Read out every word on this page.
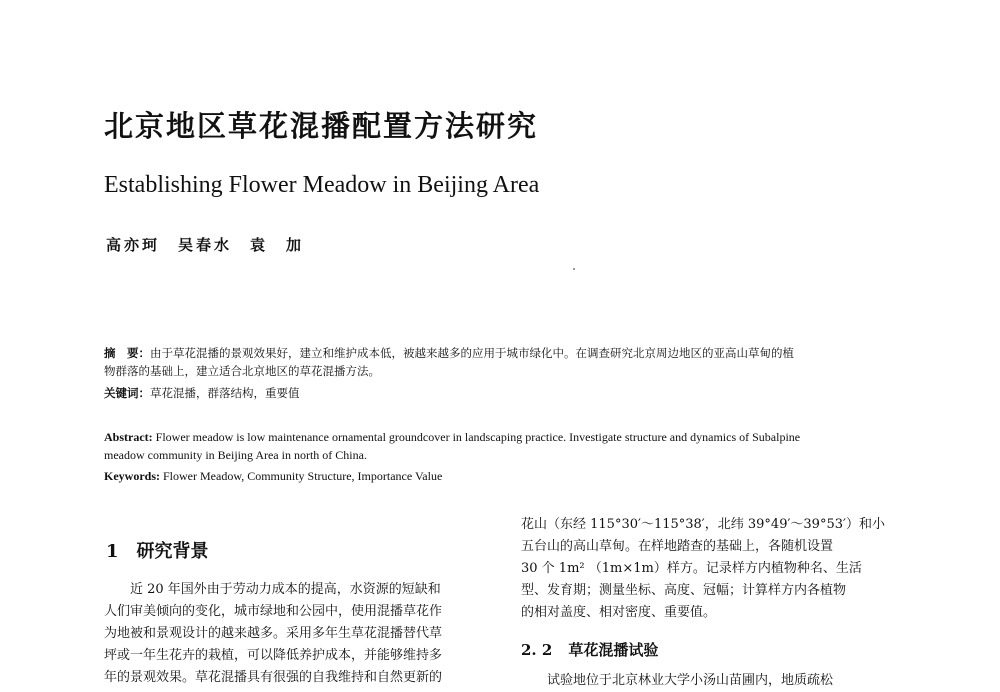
北京地区草花混播配置方法研究
Establishing Flower Meadow in Beijing Area
高亦珂　吴春水　袁　加
摘　要：由于草花混播的景观效果好，建立和维护成本低，被越来越多的应用于城市绿化中。在调查研究北京周边地区的亚高山草甸的植
物群落的基础上，建立适合北京地区的草花混播方法。
关键词：草花混播，群落结构，重要值
Abstract: Flower meadow is low maintenance ornamental groundcover in landscaping practice. Investigate structure and dynamics of Subalpine
meadow community in Beijing Area in north of China.
Keywords: Flower Meadow, Community Structure, Importance Value
1 研究背景
　　近 20 年国外由于劳动力成本的提高，水资源的短缺和
人们审美倾向的变化，城市绿地和公园中，使用混播草花作
为地被和景观设计的越来越多。采用多年生草花混播替代草
坪或一年生花卉的栽植，可以降低养护成本，并能够维持多
年的景观效果。草花混播具有很强的自我维持和自然更新的
花山（东经 115°30′～115°38′，北纬 39°49′～39°53′）和小
五台山的高山草甸。在样地踏查的基础上，各随机设置
30 个 1m² （1m×1m）样方。记录样方内植物种名、生活
型、发育期；测量坐标、高度、冠幅；计算样方内各植物
的相对盖度、相对密度、重要值。
2. 2 草花混播试验
　　试验地位于北京林业大学小汤山苗圃内，地质疏松
